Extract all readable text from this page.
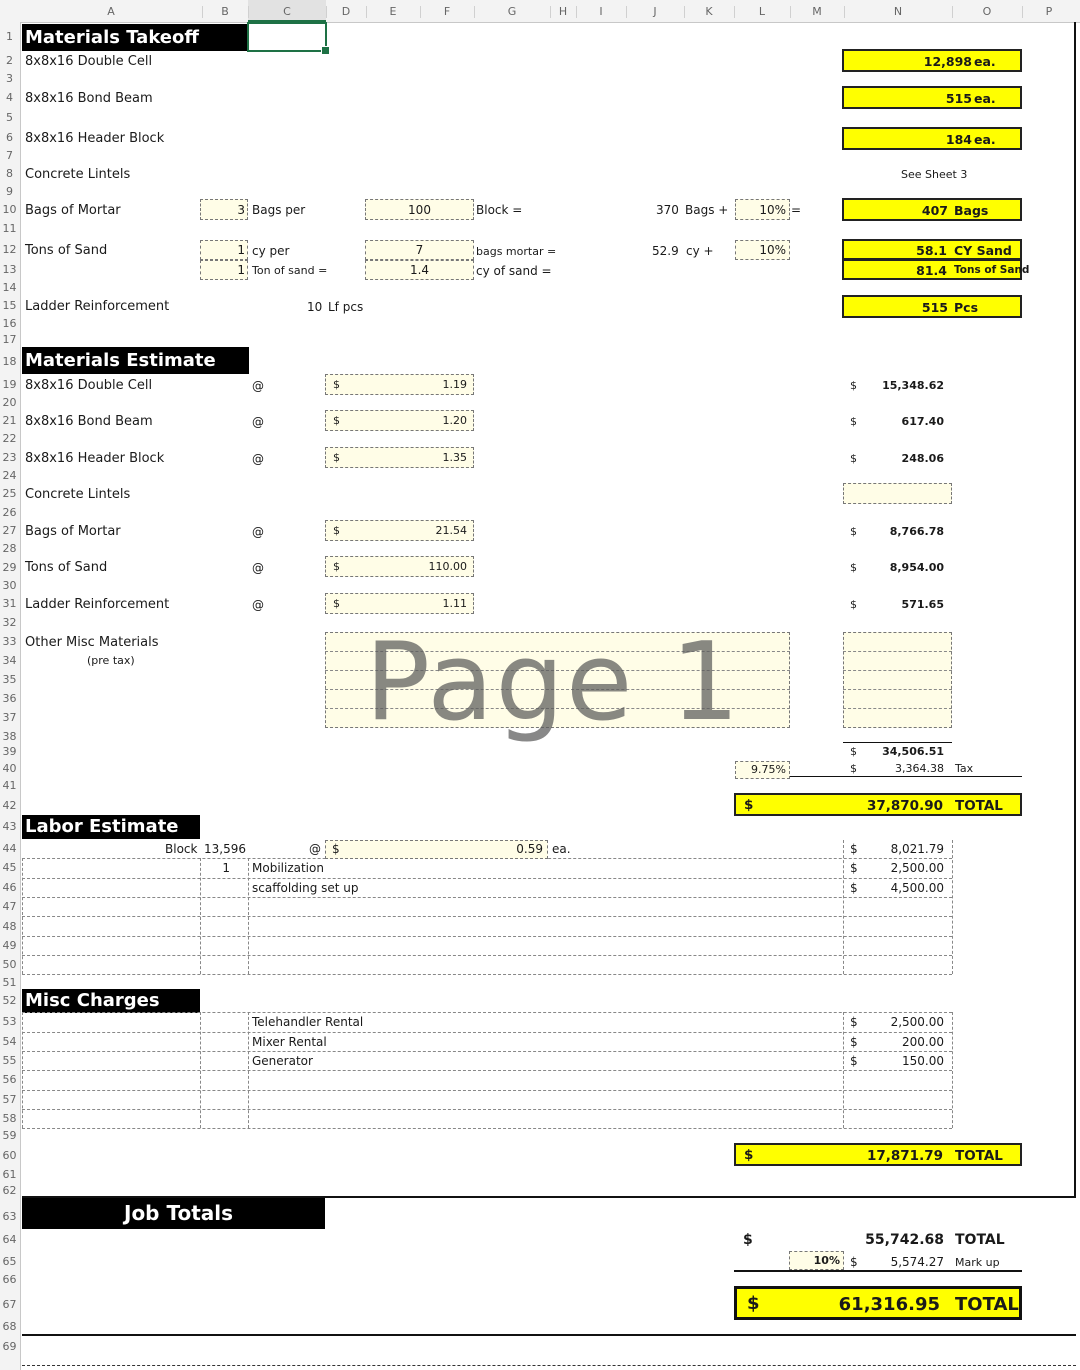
A	B	C	D	E	F	G	H	I	J	K	L	M	N	O	P
1
2
3
4
5
6
7
8
9
10
11
12
13
14
15
16
17
18
19
20
21
22
23
24
25
26
27
28
29
30
31
32
33
34
35
36
37
38
39
40
41
42
43
44
45
46
47
48
49
50
51
52
53
54
55
56
57
58
59
60
61
62
63
64
65
66
67
68
69
Materials Takeoff
8x8x16 Double Cell	12,898 ea.
8x8x16 Bond Beam	515 ea.
8x8x16 Header Block	184 ea.
Concrete Lintels	See Sheet 3
Bags of Mortar	3 Bags per	100	Block =	370 Bags +	10% =	407 Bags
Tons of Sand	1 cy per	7	bags mortar =	52.9 cy +	10%	58.1 CY Sand
1 Ton of sand =	1.4	cy of sand =	81.4 Tons of Sand
Ladder Reinforcement	10 Lf pcs	515 Pcs
Materials Estimate
8x8x16 Double Cell	@	$	1.19	$	15,348.62
8x8x16 Bond Beam	@	$	1.20	$	617.40
8x8x16 Header Block	@	$	1.35	$	248.06
Concrete Lintels
Bags of Mortar	@	$	21.54	$	8,766.78
Tons of Sand	@	$	110.00	$	8,954.00
Ladder Reinforcement	@	$	1.11	$	571.65
Other Misc Materials
(pre tax) Page 1
$	34,506.51
9.75%	$	3,364.38 Tax
$	37,870.90 TOTAL
Labor Estimate
Block 13,596	@ $	0.59 ea.	$	8,021.79
1 Mobilization	$	2,500.00
scaffolding set up	$	4,500.00
Misc Charges
Telehandler Rental	$	2,500.00
Mixer Rental	$	200.00
Generator	$	150.00
$	17,871.79 TOTAL
Job Totals
$	55,742.68 TOTAL
10% $	5,574.27 Mark up
$	61,316.95 TOTAL
